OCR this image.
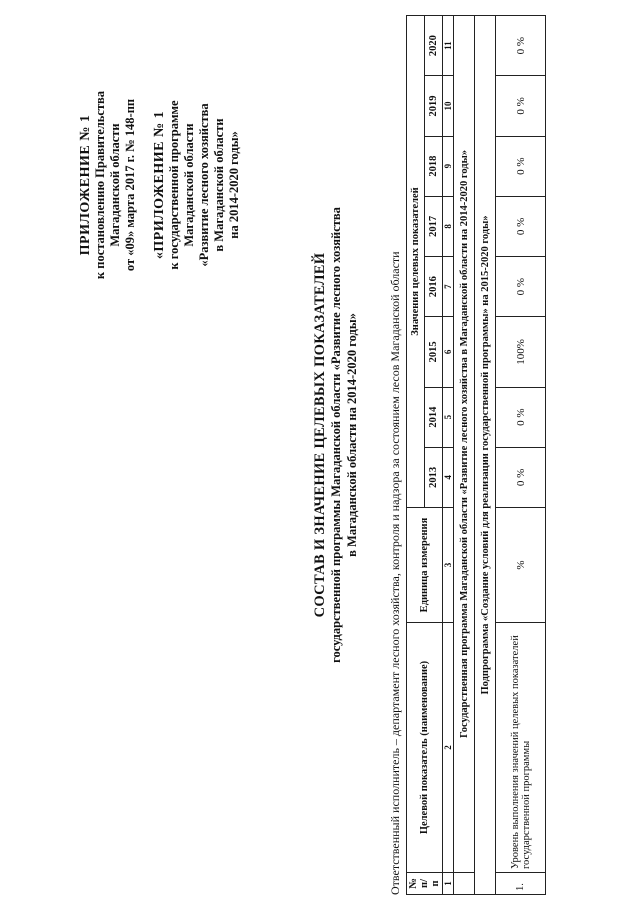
ПРИЛОЖЕНИЕ № 1 к постановлению Правительства Магаданской области от «09» марта 2017 г. № 148-пп «ПРИЛОЖЕНИЕ № 1 к государственной программе Магаданской области «Развитие лесного хозяйства в Магаданской области на 2014-2020 годы»
СОСТАВ И ЗНАЧЕНИЕ ЦЕЛЕВЫХ ПОКАЗАТЕЛЕЙ государственной программы Магаданской области «Развитие лесного хозяйства в Магаданской области на 2014-2020 годы» Ответственный исполнитель – департамент лесного хозяйства, контроля и надзора за состоянием лесов Магаданской области № п/п	Целевой показатель (наименование)	Единица измерения	Значения целевых показателей							
			2013	2014	2015	2016	2017	2018	2019	2020
1	2	3	4	5	6	7	8	9	10	11
	Государственная программа Магаданской области «Развитие лесного хозяйства в Магаданской области на 2014-2020 годы»									
Подпрограмма «Создание условий для реализации государственной программы» на 2015-2020 годы»										
1.	Уровень выполнения значений целевых показателей государственной программы	%	0 %	0 %	100%	0 %	0 %	0 %	0 %	0 %
